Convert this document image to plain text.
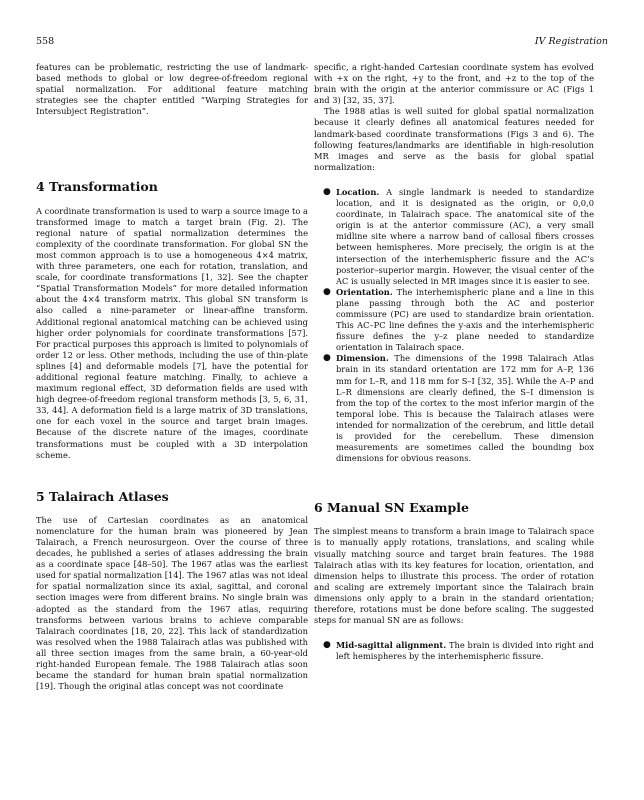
558	IV Registration

features can be problematic, restricting the use of landmark-based methods to global or low degree-of-freedom regional spatial normalization. For additional feature matching strategies see the chapter entitled “Warping Strategies for Intersubject Registration”.

4 Transformation

A coordinate transformation is used to warp a source image to a transformed image to match a target brain (Fig. 2). The regional nature of spatial normalization determines the complexity of the coordinate transformation. For global SN the most common approach is to use a homogeneous 4×4 matrix, with three parameters, one each for rotation, translation, and scale, for coordinate transformations [1, 32]. See the chapter “Spatial Transformation Models” for more detailed information about the 4×4 transform matrix. This global SN transform is also called a nine-parameter or linear-affine transform. Additional regional anatomical matching can be achieved using higher order polynomials for coordinate transformations [57]. For practical purposes this approach is limited to polynomials of order 12 or less. Other methods, including the use of thin-plate splines [4] and deformable models [7], have the potential for additional regional feature matching. Finally, to achieve a maximum regional effect, 3D deformation fields are used with high degree-of-freedom regional transform methods [3, 5, 6, 31, 33, 44]. A deformation field is a large matrix of 3D translations, one for each voxel in the source and target brain images. Because of the discrete nature of the images, coordinate transformations must be coupled with a 3D interpolation scheme.

5 Talairach Atlases

The use of Cartesian coordinates as an anatomical nomenclature for the human brain was pioneered by Jean Talairach, a French neurosurgeon. Over the course of three decades, he published a series of atlases addressing the brain as a coordinate space [48–50]. The 1967 atlas was the earliest used for spatial normalization [14]. The 1967 atlas was not ideal for spatial normalization since its axial, sagittal, and coronal section images were from different brains. No single brain was adopted as the standard from the 1967 atlas, requiring transforms between various brains to achieve comparable Talairach coordinates [18, 20, 22]. This lack of standardization was resolved when the 1988 Talairach atlas was published with all three section images from the same brain, a 60-year-old right-handed European female. The 1988 Talairach atlas soon became the standard for human brain spatial normalization [19]. Though the original atlas concept was not coordinate

specific, a right-handed Cartesian coordinate system has evolved with +x on the right, +y to the front, and +z to the top of the brain with the origin at the anterior commissure or AC (Figs 1 and 3) [32, 35, 37].

The 1988 atlas is well suited for global spatial normalization because it clearly defines all anatomical features needed for landmark-based coordinate transformations (Figs 3 and 6). The following features/landmarks are identifiable in high-resolution MR images and serve as the basis for global spatial normalization:

● Location. A single landmark is needed to standardize location, and it is designated as the origin, or 0,0,0 coordinate, in Talairach space. The anatomical site of the origin is at the anterior commissure (AC), a very small midline site where a narrow band of callosal fibers crosses between hemispheres. More precisely, the origin is at the intersection of the interhemispheric fissure and the AC’s posterior–superior margin. However, the visual center of the AC is usually selected in MR images since it is easier to see.
● Orientation. The interhemispheric plane and a line in this plane passing through both the AC and posterior commissure (PC) are used to standardize brain orientation. This AC–PC line defines the y-axis and the interhemispheric fissure defines the y–z plane needed to standardize orientation in Talairach space.
● Dimension. The dimensions of the 1998 Talairach Atlas brain in its standard orientation are 172 mm for A–P, 136 mm for L–R, and 118 mm for S–I [32, 35]. While the A–P and L–R dimensions are clearly defined, the S–I dimension is from the top of the cortex to the most inferior margin of the temporal lobe. This is because the Talairach atlases were intended for normalization of the cerebrum, and little detail is provided for the cerebellum. These dimension measurements are sometimes called the bounding box dimensions for obvious reasons.
6 Manual SN Example

The simplest means to transform a brain image to Talairach space is to manually apply rotations, translations, and scaling while visually matching source and target brain features. The 1988 Talairach atlas with its key features for location, orientation, and dimension helps to illustrate this process. The order of rotation and scaling are extremely important since the Talairach brain dimensions only apply to a brain in the standard orientation; therefore, rotations must be done before scaling. The suggested steps for manual SN are as follows:

● Mid-sagittal alignment. The brain is divided into right and left hemispheres by the interhemispheric fissure.
